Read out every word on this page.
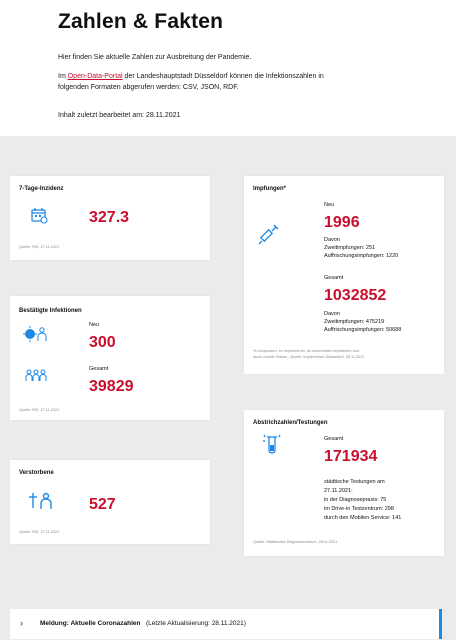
Zahlen & Fakten

Hier finden Sie aktuelle Zahlen zur Ausbreitung der Pandemie.

Im Open-Data-Portal der Landeshauptstadt Düsseldorf können die Infektionszahlen in
folgenden Formaten abgerufen werden: CSV, JSON, RDF.

Inhalt zuletzt bearbeitet am: 28.11.2021

7-Tage-Inzidenz
327.3
Quelle: RKI, 27.11.2021
Bestätigte Infektionen
Neu
300
Gesamt
39829
Quelle: RKI, 27.11.2021
Verstorbene
527
Quelle: RKI, 27.11.2021
Impfungen*
Neu
1996
Davon
Zweitimpfungen: 251
Auffrischungsimpfungen: 1220
Gesamt
1032852
Davon
Zweitimpfungen: 475219
Auffrischungsimpfungen: 50688
*in Arztpraxen, im Impfzentrum, an dezentralen Impfstellen und
durch mobile Teams - Quelle: Impfzentrum Düsseldorf, 28.11.2021
Abstrichzahlen/Testungen
Gesamt
171934
städtische Testungen am
27.11.2021:
in der Diagnosepraxis: 75
im Drive-in Testzentrum: 298
durch den Mobilen Service: 141
Quelle: Städtisches Diagnosezentrum, 28.11.2021
›	Meldung: Aktuelle Coronazahlen (Letzte Aktualisierung: 28.11.2021)
